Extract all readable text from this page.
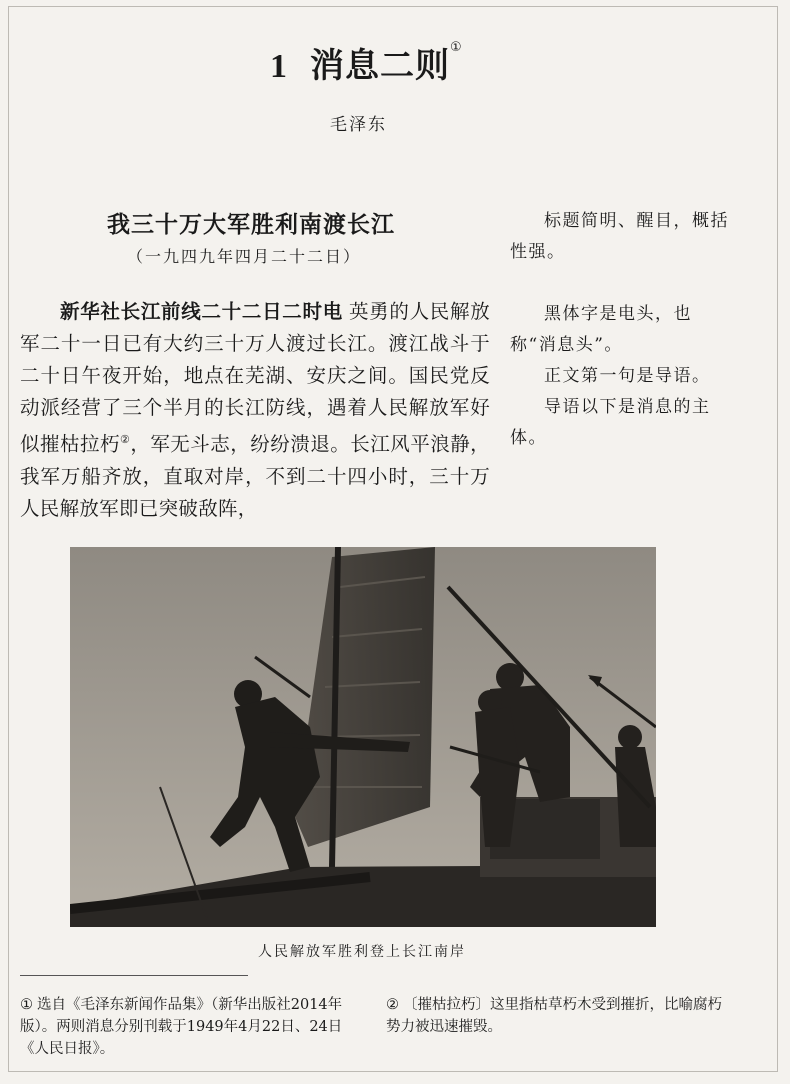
1 消息二则①
毛泽东
我三十万大军胜利南渡长江
（一九四九年四月二十二日）
新华社长江前线二十二日二时电 英勇的人民解放军二十一日已有大约三十万人渡过长江。渡江战斗于二十日午夜开始，地点在芜湖、安庆之间。国民党反动派经营了三个半月的长江防线，遇着人民解放军好似摧枯拉朽②，军无斗志，纷纷溃退。长江风平浪静，我军万船齐放，直取对岸，不到二十四小时，三十万人民解放军即已突破敌阵，

标题简明、醒目，概括性强。

黑体字是电头，也称“消息头”。

正文第一句是导语。

导语以下是消息的主体。

人民解放军胜利登上长江南岸
① 选自《毛泽东新闻作品集》（新华出版社2014年版）。两则消息分别刊载于1949年4月22日、24日《人民日报》。
② 〔摧枯拉朽〕这里指枯草朽木受到摧折，比喻腐朽势力被迅速摧毁。
